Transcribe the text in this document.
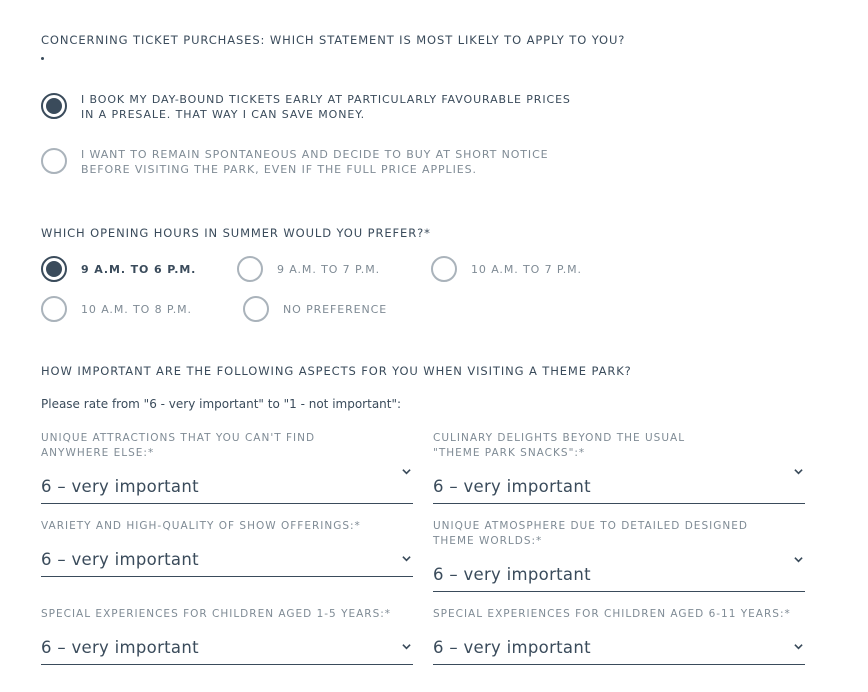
CONCERNING TICKET PURCHASES: WHICH STATEMENT IS MOST LIKELY TO APPLY TO YOU?
I BOOK MY DAY-BOUND TICKETS EARLY AT PARTICULARLY FAVOURABLE PRICES
IN A PRESALE. THAT WAY I CAN SAVE MONEY.
I WANT TO REMAIN SPONTANEOUS AND DECIDE TO BUY AT SHORT NOTICE
BEFORE VISITING THE PARK, EVEN IF THE FULL PRICE APPLIES.
WHICH OPENING HOURS IN SUMMER WOULD YOU PREFER?*
9 A.M. TO 6 P.M.	9 A.M. TO 7 P.M.	10 A.M. TO 7 P.M.
10 A.M. TO 8 P.M.	NO PREFERENCE
HOW IMPORTANT ARE THE FOLLOWING ASPECTS FOR YOU WHEN VISITING A THEME PARK?
Please rate from "6 - very important" to "1 - not important":
UNIQUE ATTRACTIONS THAT YOU CAN'T FIND
ANYWHERE ELSE:*
6 – very important
CULINARY DELIGHTS BEYOND THE USUAL
"THEME PARK SNACKS":*
6 – very important
VARIETY AND HIGH-QUALITY OF SHOW OFFERINGS:*
6 – very important
UNIQUE ATMOSPHERE DUE TO DETAILED DESIGNED
THEME WORLDS:*
6 – very important
SPECIAL EXPERIENCES FOR CHILDREN AGED 1-5 YEARS:*
6 – very important
SPECIAL EXPERIENCES FOR CHILDREN AGED 6-11 YEARS:*
6 – very important
